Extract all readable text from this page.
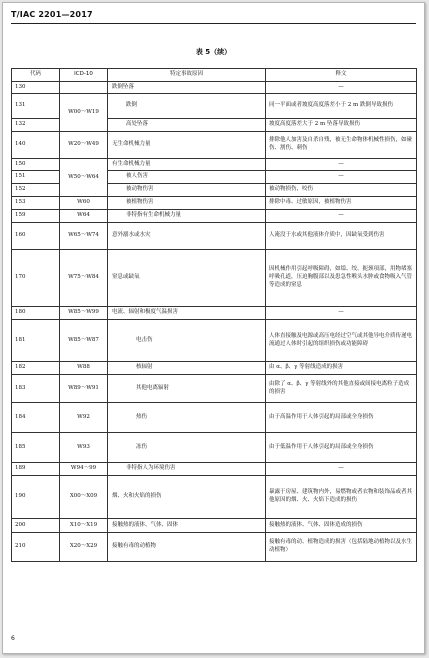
T/IAC 2201—2017
表 5（续）
代码	ICD-10	特定事故原因	释文
130		跌倒坠落	—
131	W00～W19	跌倒	同一平面或者坡度高度落差小于 2 m 跌倒导致损伤
132		高处坠落	坡度高度落差大于 2 m 坠落导致损伤
140	W20～W49	无生命机械力量	排除他人加害及自杀自残，被无生命物体机械性损伤，如碰伤、割伤、刺伤
150	W50～W64	有生命机械力量	—
151		被人伤害	—
152		被动物伤害	被动物损伤，咬伤
153	W60	被植物伤害	排除中毒、过敏原因，被植物伤害
159	W64	非特指有生命机械力量	—
160	W65～W74	意外溺水或水灾	人淹没于水或其他液体介质中，因缺氧受到伤害
170	W75～W84	窒息或缺氧	因机械作用引起呼吸障碍，如缢、绞、扼颈项部，用物堵塞呼吸孔道，压迫胸腹部以及患急性喉头水肿或食物吸入气管等造成的窒息
180	W85～W99	电流、辐射和极度气温损害	—
181	W85～W87	电击伤	人体直接触及电源或高压电经过空气或其他导电介质传递电流通过人体时引起的组织损伤或功能障碍
182	W88	核辐射	由 α、β、γ 等射线造成的损害
183	W89～W91	其他电离辐射	由除了 α、β、γ 等射线外的其他直接或间接电离粒子造成的损害
184	W92	热伤	由于高温作用于人体引起的局部或全身损伤
185	W93	冻伤	由于低温作用于人体引起的局部或全身损伤
189	W94～99	非特指人为环境伤害	—
190	X00～X09	烟、火和火焰的损伤	暴露于房屋、建筑物内外，易燃物或者衣物和装饰品或者其他原因的烟、火、火焰下造成的损伤
200	X10～X19	接触热的液体、气体、固体	接触热的液体、气体、固体造成的损伤
210	X20～X29	接触有毒的动植物	接触有毒的动、植物造成的损害（包括陆地动植物以及水生动植物）
6
